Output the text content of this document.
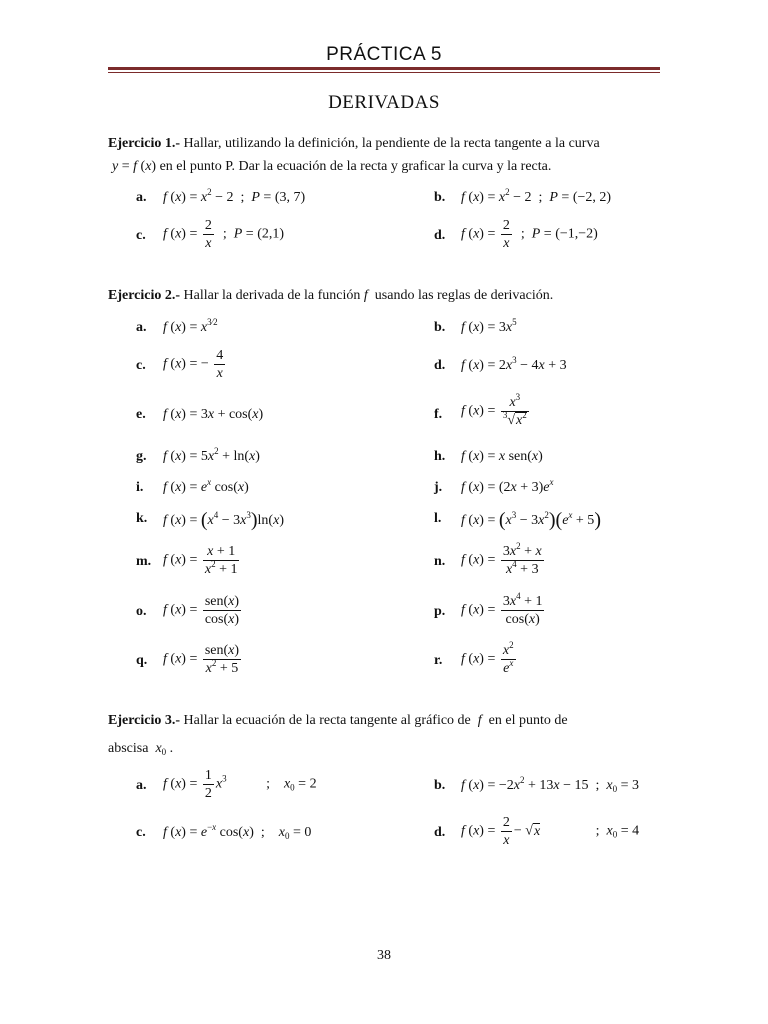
PRÁCTICA 5
DERIVADAS
Ejercicio 1.- Hallar, utilizando la definición, la pendiente de la recta tangente a la curva
y = f (x) en el punto P. Dar la ecuación de la recta y graficar la curva y la recta.
a. f $(x) = x^2 - 2$  ;  P = (3, 7)	b. f $(x) = x^2 - 2$  ;  P = (−2, 2)
c. f $(x) = \frac{2}{x}$ ;  P = (2,1)	d. f $(x) = \frac{2}{x}$ ;  P = (−1,−2)
Ejercicio 2.- Hallar la derivada de la función f  usando las reglas de derivación.
a. f $(x) = x^{3⁄2}$	b. f $(x) = 3x^5$
c. f (x) = − $\frac{4}{x}$	d. f $(x) = 2x^3 - 4x + 3$
e. f (x) = 3x + cos(x)	f. f $(x) = \frac{x^3}{^3√x^2}$
g. f $(x) = 5x^2 + \ln(x)$	h. f (x) = x sen(x)
i. f $(x) = e^x$ cos(x)	j. f $(x) = (2x + 3)e^x$
k. f $(x) = (x^4 - 3x^3)\ln(x)$	l. f $(x) = (x^3 - 3x^2)(e^x + 5)$
m. f $(x) = \frac{x + 1}{x^2 + 1}$	n. f $(x) = \frac{3x^2 + x}{x^4 + 3}$
o. f $(x) = \frac{\text{sen(x)}}{\cos(x)}$	p. f $(x) = \frac{3x^4 + 1}{\cos(x)}$
q. f $(x) = \frac{\text{sen(x)}}{x^2 + 5}$	r. f $(x) = \frac{x^2}{e^x}$
Ejercicio 3.- Hallar la ecuación de la recta tangente al gráfico de  f  en el punto de
abscisa $x_0$ .
a. f $(x) = \frac{1}{2} x^3$	;    $x_0 = 2$	b. f $(x) = -2x^2 + 13x - 15$  ;  $x_0 = 3$
c. f $(x) = e^{-x}$ cos(x)  ;    $x_0 = 0$	d. f $(x) = \frac{2}{x} - √x$	;  $x_0 = 4$
38
